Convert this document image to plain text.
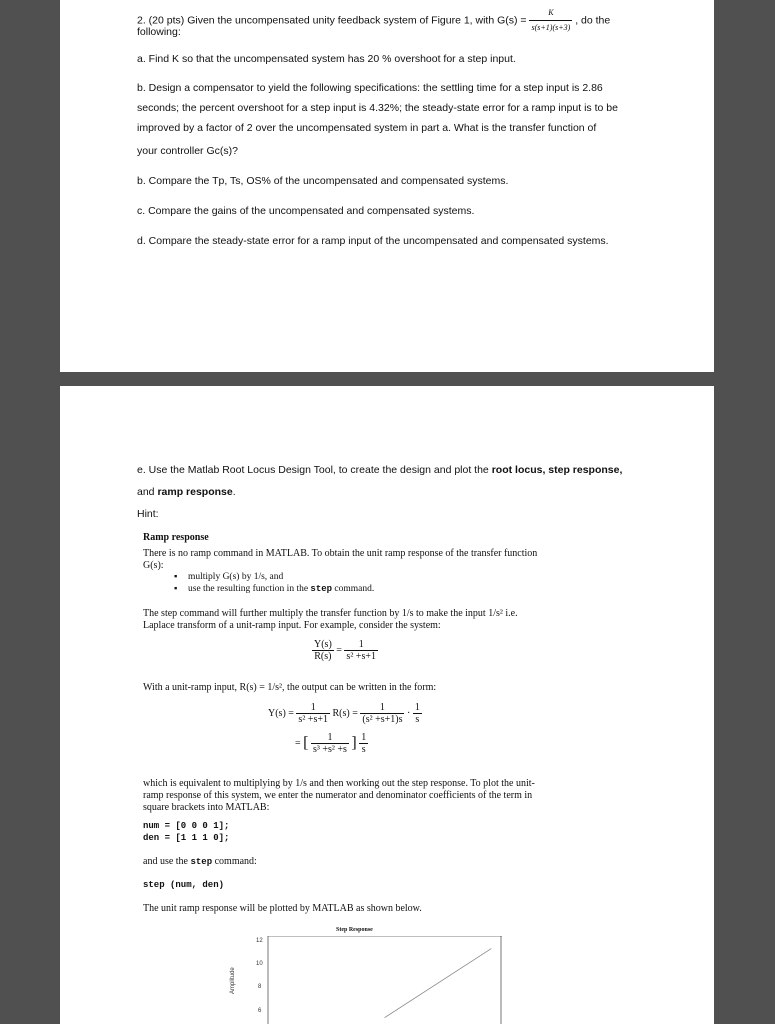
2. (20 pts) Given the uncompensated unity feedback system of Figure 1, with $G(s) = \frac{K}{s(s+1)(s+3)}$ , do the
following:
a. Find K so that the uncompensated system has 20 % overshoot for a step input.
b. Design a compensator to yield the following specifications: the settling time for a step input is 2.86
seconds; the percent overshoot for a step input is 4.32%; the steady-state error for a ramp input is to be
improved by a factor of 2 over the uncompensated system in part a. What is the transfer function of
your controller Gc(s)?
b. Compare the Tp, Ts, OS% of the uncompensated and compensated systems.
c. Compare the gains of the uncompensated and compensated systems.
d. Compare the steady-state error for a ramp input of the uncompensated and compensated systems.
e. Use the Matlab Root Locus Design Tool, to create the design and plot the root locus, step response,
and ramp response.
Hint:
Ramp response
There is no ramp command in MATLAB. To obtain the unit ramp response of the transfer function
G(s):
▪ multiply G(s) by 1/s, and
▪ use the resulting function in the step command.
The step command will further multiply the transfer function by 1/s to make the input 1/s² i.e.
Laplace transform of a unit-ramp input. For example, consider the system:
$\frac{Y(s)}{R(s)} = \frac{1}{\text{s² +s+1}}$
With a unit-ramp input, R(s) = 1/s², the output can be written in the form:
$Y(s) = \frac{1}{\text{s² +s+1}} R(s) = \frac{1}{\text{(s² +s+1)s}} \cdot \frac{1}{s}$
= [ $\frac{1}{\text{s³ +s² +s}}$ ] $\frac{1}{s}$
which is equivalent to multiplying by 1/s and then working out the step response. To plot the unit-
ramp response of this system, we enter the numerator and denominator coefficients of the term in
square brackets into MATLAB:
num = [0 0 0 1];
den = [1 1 1 0];
and use the step command:
step (num, den)
The unit ramp response will be plotted by MATLAB as shown below.
Step Response
Amplitude
12
10
8
6
